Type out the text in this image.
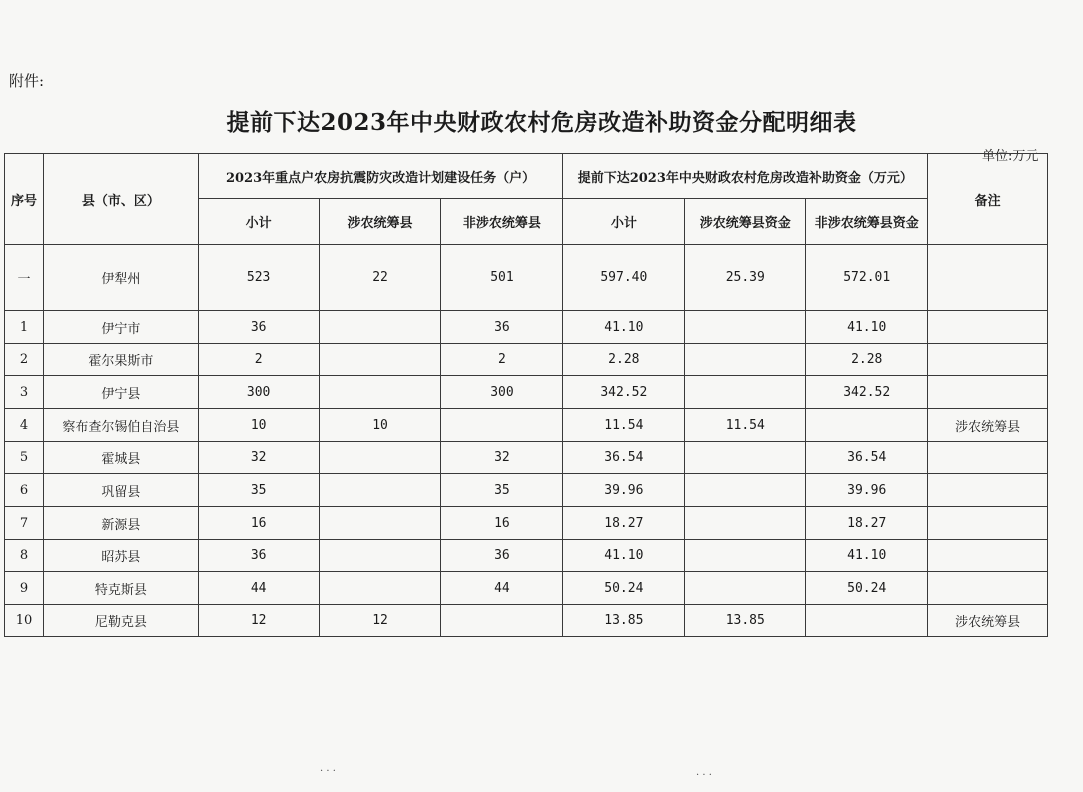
附件:
提前下达2023年中央财政农村危房改造补助资金分配明细表
单位:万元
序号	县（市、区）	2023年重点户农房抗震防灾改造计划建设任务（户）			提前下达2023年中央财政农村危房改造补助资金（万元）			备注
		小计	涉农统筹县	非涉农统筹县	小计	涉农统筹县资金	非涉农统筹县资金	
一	伊犁州	523	22	501	597.40	25.39	572.01	
1	伊宁市	36		36	41.10		41.10	
2	霍尔果斯市	2		2	2.28		2.28	
3	伊宁县	300		300	342.52		342.52	
4	察布查尔锡伯自治县	10	10		11.54	11.54		涉农统筹县
5	霍城县	32		32	36.54		36.54	
6	巩留县	35		35	39.96		39.96	
7	新源县	16		16	18.27		18.27	
8	昭苏县	36		36	41.10		41.10	
9	特克斯县	44		44	50.24		50.24	
10	尼勒克县	12	12		13.85	13.85		涉农统筹县
· · ·	· · ·
